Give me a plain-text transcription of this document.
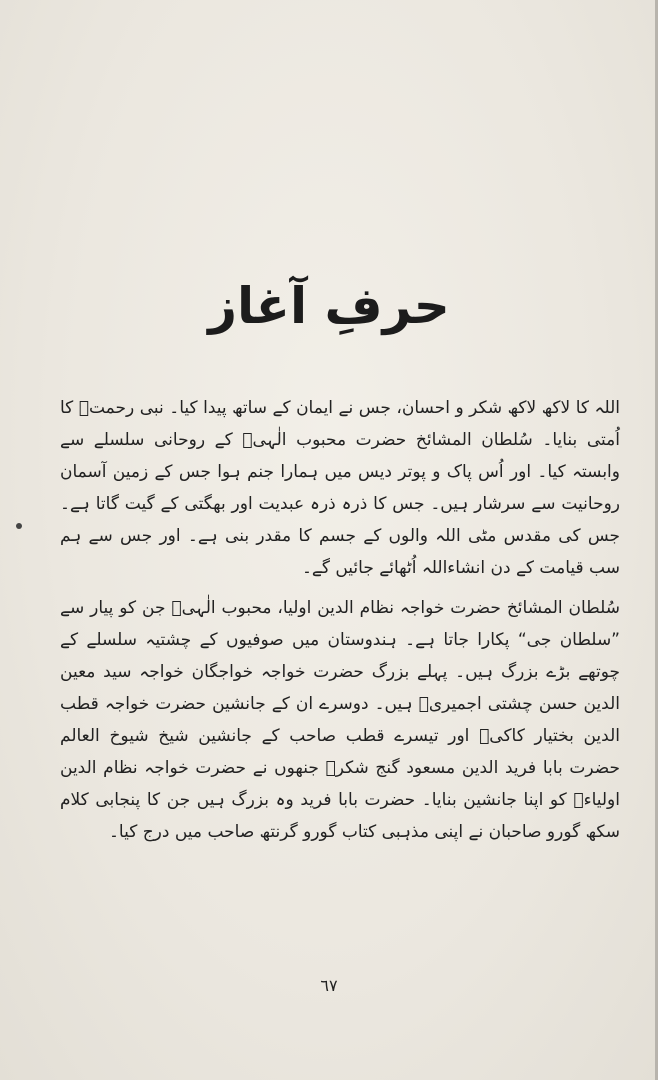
حرفِ آغاز

اللہ کا لاکھ لاکھ شکر و احسان، جس نے ایمان کے ساتھ پیدا کیا۔ نبی رحمتؐ کا اُمتی بنایا۔ سُلطان المشائخ حضرت محبوب الٰہیؒ کے روحانی سلسلے سے وابستہ کیا۔ اور اُس پاک و پوتر دیس میں ہمارا جنم ہوا جس کے زمین آسمان روحانیت سے سرشار ہیں۔ جس کا ذرہ ذرہ عبدیت اور بھگتی کے گیت گاتا ہے۔ جس کی مقدس مٹی اللہ والوں کے جسم کا مقدر بنی ہے۔ اور جس سے ہم سب قیامت کے دن انشاءاللہ اُٹھائے جائیں گے۔

سُلطان المشائخ حضرت خواجہ نظام الدین اولیا، محبوب الٰہیؒ جن کو پیار سے ”سلطان جی“ پکارا جاتا ہے۔ ہندوستان میں صوفیوں کے چشتیہ سلسلے کے چوتھے بڑے بزرگ ہیں۔ پہلے بزرگ حضرت خواجہ خواجگان خواجہ سید معین الدین حسن چشتی اجمیریؒ ہیں۔ دوسرے ان کے جانشین حضرت خواجہ قطب الدین بختیار کاکیؒ اور تیسرے قطب صاحب کے جانشین شیخ شیوخ العالم حضرت بابا فرید الدین مسعود گنج شکرؒ جنھوں نے حضرت خواجہ نظام الدین اولیاءؒ کو اپنا جانشین بنایا۔ حضرت بابا فرید وہ بزرگ ہیں جن کا پنجابی کلام سکھ گورو صاحبان نے اپنی مذہبی کتاب گورو گرنتھ صاحب میں درج کیا۔

٦٧
